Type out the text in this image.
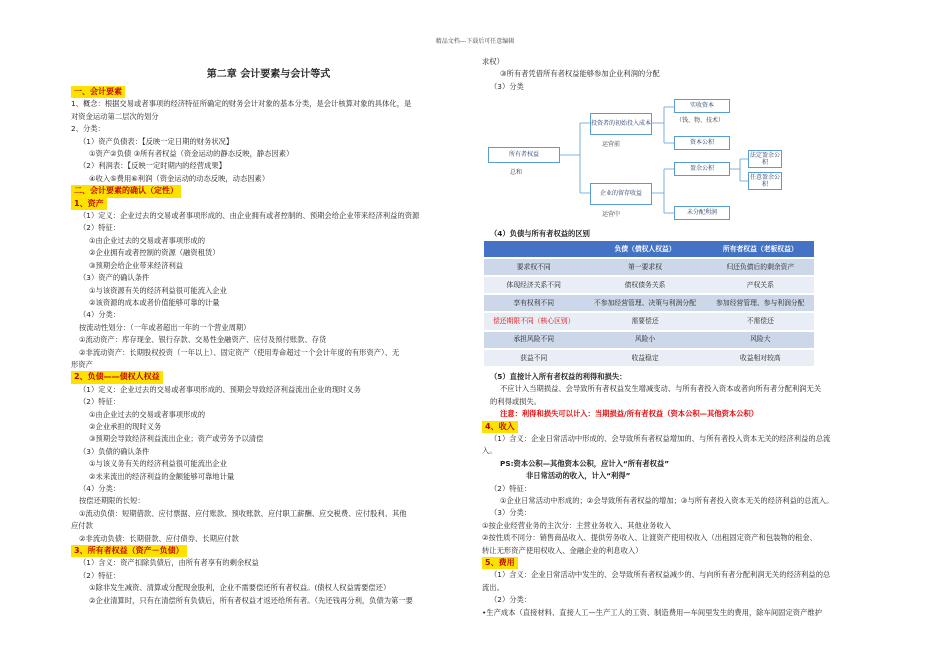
精品文档---下载后可任意编辑
第二章 会计要素与会计等式
一、会计要素
1、概念：根据交易或者事项的经济特征所确定的财务会计对象的基本分类，是会计核算对象的具体化，是
对资金运动第二层次的划分
2、分类：
（1）资产负债表：【反映一定日期的财务状况】
①资产②负债 ③所有者权益（资金运动的静态反映，静态因素）
（2）利润表：【反映一定时期内的经营成果】
④收入⑤费用⑥利润（资金运动的动态反映，动态因素）
二、会计要素的确认（定性）
1、资产
（1）定义：企业过去的交易或者事项形成的、由企业拥有或者控制的、预期会给企业带来经济利益的资源
（2）特征：
①由企业过去的交易或者事项形成的
②企业拥有或者控制的资源（融资租赁）
③预期会给企业带来经济利益
（3）资产的确认条件
①与该资源有关的经济利益很可能流入企业
②该资源的成本或者价值能够可靠的计量
（4）分类：
按流动性划分：（一年或者超出一年的一个营业周期）
①流动资产：库存现金、银行存款、交易性金融资产、应付及预付账款、存货
②非流动资产：长期股权投资（一年以上）、固定资产（使用寿命超过一个会计年度的有形资产）、无
形资产
2、负债——债权人权益
（1）定义：企业过去的交易或者事项形成的、预期会导致经济利益流出企业的现时义务
（2）特征：
①由企业过去的交易或者事项形成的
②企业承担的现时义务
③预期会导致经济利益流出企业；资产或劳务予以清偿
（3）负债的确认条件
①与该义务有关的经济利益很可能流出企业
②未来流出的经济利益的金额能够可靠地计量
（4）分类：
按偿还期限的长短：
①流动负债：短期借款、应付票据、应付账款、预收账款、应付职工薪酬、应交税费、应付股利、其他
应付款
②非流动负债：长期借款、应付债券、长期应付款
3、所有者权益（资产－负债）
（1）含义：资产扣除负债后，由所有者享有的剩余权益
（2）特征：
①除非发生减资、清算或分配现金股利，企业不需要偿还所有者权益。(债权人权益需要偿还）
②企业清算时，只有在清偿所有负债后，所有者权益才返还给所有者。（先还钱再分利，负债为第一要
求权）
③所有者凭借所有者权益能够参加企业利润的分配
（3）分类
所有者权益
总和
投资者的初始投入成本
运营前
企业的留存收益
运营中
实收资本
（钱、物、技术）
资本公积
盈余公积
法定盈余公积
任意盈余公积
未分配利润
（4）负债与所有者权益的区别
	负债（债权人权益）	所有者权益（老板权益）
要求权不同	第一要求权	归还负债后的剩余资产
体现经济关系不同	债权债务关系	产权关系
享有权利不同	不参加经营管理、决策与利润分配	参加经营管理、参与利润分配
偿还期限不同（核心区别）	需要偿还	不需偿还
承担风险不同	风险小	风险大
获益不同	收益稳定	收益相对较高
（5）直接计入所有者权益的利得和损失：
不应计入当期损益、会导致所有者权益发生增减变动、与所有者投入资本或者向所有者分配利润无关
的利得或损失。
注意：利得和损失可以计入：当期损益/所有者权益（资本公积—其他资本公积）
4、收入
（1）含义：企业日常活动中形成的、会导致所有者权益增加的、与所有者投入资本无关的经济利益的总流
入。
PS:资本公积—其他资本公积，应计入“所有者权益”
非日常活动的收入，计入“利得”
（2）特征：
①企业日常活动中形成的；②会导致所有者权益的增加；③与所有者投入资本无关的经济利益的总流入。
（3）分类：
①按企业经营业务的主次分：主营业务收入、其他业务收入
②按性质不同分：销售商品收入、提供劳务收入、让渡资产使用权收入（出租固定资产和包装物的租金、
转让无形资产使用权收入、金融企业的利息收入）
5、费用
（1）含义：企业日常活动中发生的、会导致所有者权益减少的、与向所有者分配利润无关的经济利益的总
流出。
（2）分类：
•生产成本（直接材料、直接人工—生产工人的工资、制造费用—车间里发生的费用，除车间固定资产维护
